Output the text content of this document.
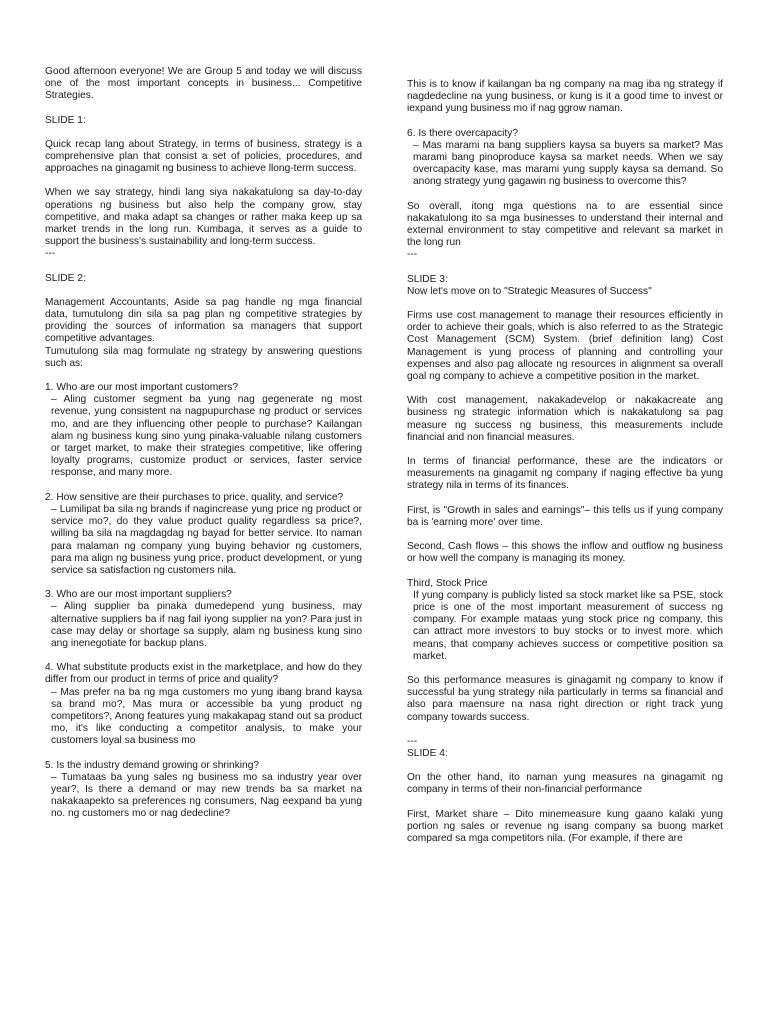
Good afternoon everyone! We are Group 5 and today we will discuss one of the most important concepts in business... Competitive Strategies.

SLIDE 1:

Quick recap lang about Strategy, in terms of business, strategy is a comprehensive plan that consist a set of policies, procedures, and approaches na ginagamit ng business to achieve llong-term success.

When we say strategy, hindi lang siya nakakatulong sa day-to-day operations ng business but also help the company grow, stay competitive, and maka adapt sa changes or rather maka keep up sa market trends in the long run. Kumbaga, it serves as a guide to support the business's sustainability and long-term success.

---

SLIDE 2:

Management Accountants, Aside sa pag handle ng mga financial data, tumutulong din sila sa pag plan ng competitive strategies by providing the sources of information sa managers that support competitive advantages.

Tumutulong sila mag formulate ng strategy by answering questions such as:

1. Who are our most important customers?

– Aling customer segment ba yung nag gegenerate ng most revenue, yung consistent na nagpupurchase ng product or services mo, and are they influencing other people to purchase? Kailangan alam ng business kung sino yung pinaka-valuable nilang customers or target market, to make their strategies competitive, like offering loyalty programs, customize product or services, faster service response, and many more.

2. How sensitive are their purchases to price, quality, and service?

– Lumilipat ba sila ng brands if nagincrease yung price ng product or service mo?, do they value product quality regardless sa price?, willing ba sila na magdagdag ng bayad for better service. Ito naman para malaman ng company yung buying behavior ng customers, para ma align ng business yung price, product development, or yung service sa satisfaction ng customers nila.

3. Who are our most important suppliers?

– Aling supplier ba pinaka dumedepend yung business, may alternative suppliers ba if nag fail iyong supplier na yon? Para just in case may delay or shortage sa supply, alam ng business kung sino ang inenegotiate for backup plans.

4. What substitute products exist in the marketplace, and how do they differ from our product in terms of price and quality?

– Mas prefer na ba ng mga customers mo yung ibang brand kaysa sa brand mo?, Mas mura or accessible ba yung product ng competitors?, Anong features yung makakapag stand out sa product mo, it's like conducting a competitor analysis, to make your customers loyal sa business mo

5. Is the industry demand growing or shrinking?

– Tumataas ba yung sales ng business mo sa industry year over year?, Is there a demand or may new trends ba sa market na nakakaapekto sa preferences ng consumers, Nag eexpand ba yung no. ng customers mo or nag dedecline?

This is to know if kailangan ba ng company na mag iba ng strategy if nagdedecline na yung business, or kung is it a good time to invest or iexpand yung business mo if nag ggrow naman.

6. Is there overcapacity?

– Mas marami na bang suppliers kaysa sa buyers sa market? Mas marami bang pinoproduce kaysa sa market needs. When we say overcapacity kase, mas marami yung supply kaysa sa demand. So anong strategy yung gagawin ng business to overcome this?

So overall, itong mga questions na to are essential since nakakatulong ito sa mga businesses to understand their internal and external environment to stay competitive and relevant sa market in the long run

---

SLIDE 3:

Now let's move on to "Strategic Measures of Success"

Firms use cost management to manage their resources efficiently in order to achieve their goals, which is also referred to as the Strategic Cost Management (SCM) System. (brief definition lang) Cost Management is yung process of planning and controlling your expenses and also pag allocate ng resources in alignment sa overall goal ng company to achieve a competitive position in the market.

With cost management, nakakadevelop or nakakacreate ang business ng strategic information which is nakakatulong sa pag measure ng success ng business, this measurements include financial and non financial measures.

In terms of financial performance, these are the indicators or measurements na ginagamit ng company if naging effective ba yung strategy nila in terms of its finances.

First, is "Growth in sales and earnings"– this tells us if yung company ba is 'earning more' over time.

Second, Cash flows – this shows the inflow and outflow ng business or how well the company is managing its money.

Third, Stock Price

If yung company is publicly listed sa stock market like sa PSE, stock price is one of the most important measurement of success ng company. For example mataas yung stock price ng company, this can attract more investors to buy stocks or to invest more. which means, that company achieves success or competitive position sa market.

So this performance measures is ginagamit ng company to know if successful ba yung strategy nila particularly in terms sa financial and also para maensure na nasa right direction or right track yung company towards success.

---

SLIDE 4:

On the other hand, ito naman yung measures na ginagamit ng company in terms of their non-financial performance

First, Market share – Dito minemeasure kung gaano kalaki yung portion ng sales or revenue ng isang company sa buong market compared sa mga competitors nila. (For example, if there are
